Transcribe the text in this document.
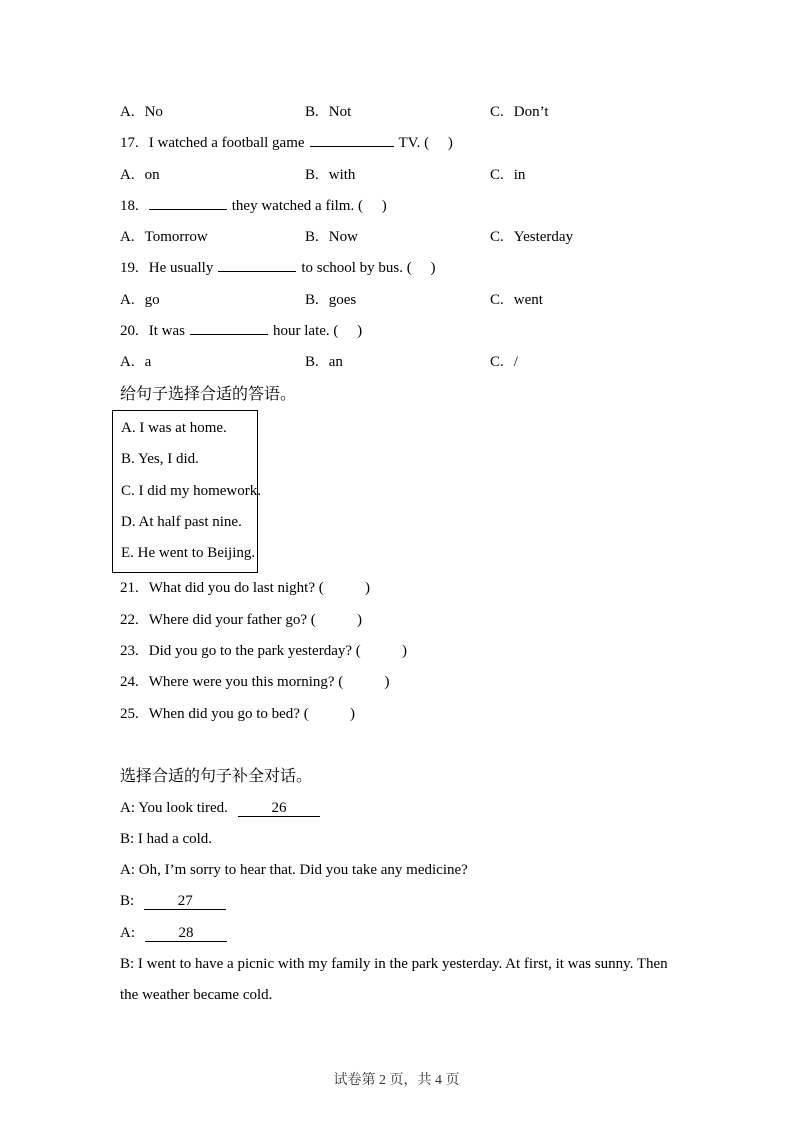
A. No	B. Not	C. Don’t
17. I watched a football game	TV. (     )
A. on	B. with	C. in
18.	they watched a film. (     )
A. Tomorrow	B. Now	C. Yesterday
19. He usually	to school by bus. (     )
A. go	B. goes	C. went
20. It was	hour late. (     )
A. a	B. an	C. /
给句子选择合适的答语。
A. I was at home.
B. Yes, I did.
C. I did my homework.
D. At half past nine.
E. He went to Beijing.
21. What did you do last night? (           )
22. Where did your father go? (           )
23. Did you go to the park yesterday? (           )
24. Where were you this morning? (           )
25. When did you go to bed? (           )
选择合适的句子补全对话。
A: You look tired.	26
B: I had a cold.
A: Oh, I’m sorry to hear that. Did you take any medicine?
B:	27
A:	28
B: I went to have a picnic with my family in the park yesterday. At first, it was sunny. Then the weather became cold.
试卷第 2 页，共 4 页
